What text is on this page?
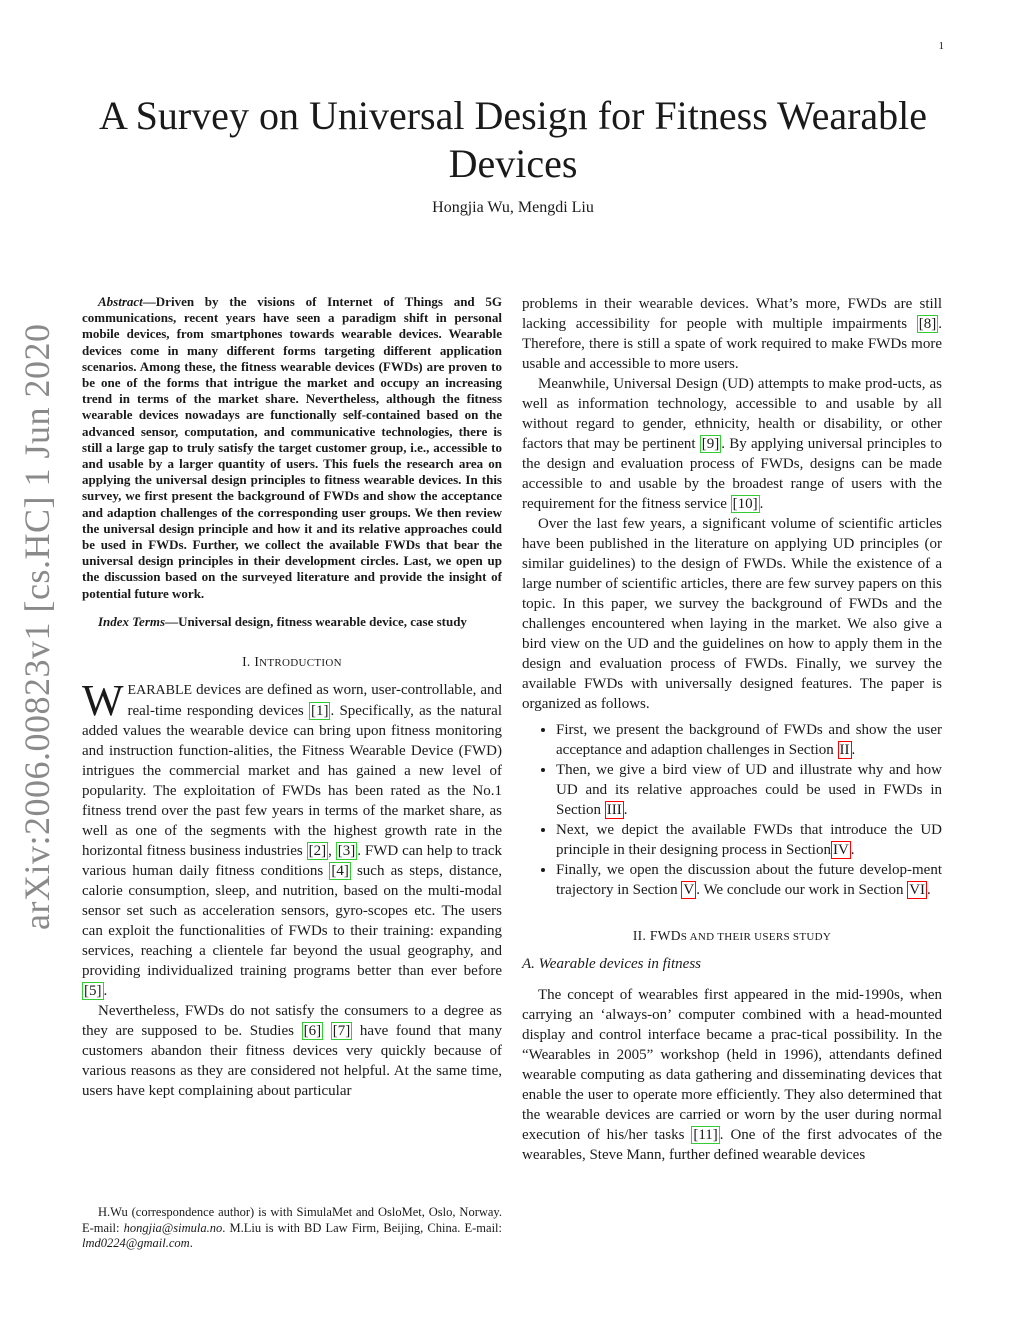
1
arXiv:2006.00823v1 [cs.HC] 1 Jun 2020
A Survey on Universal Design for Fitness Wearable Devices
Hongjia Wu, Mengdi Liu

Abstract—Driven by the visions of Internet of Things and 5G communications, recent years have seen a paradigm shift in personal mobile devices, from smartphones towards wearable devices. Wearable devices come in many different forms targeting different application scenarios. Among these, the fitness wearable devices (FWDs) are proven to be one of the forms that intrigue the market and occupy an increasing trend in terms of the market share. Nevertheless, although the fitness wearable devices nowadays are functionally self-contained based on the advanced sensor, computation, and communicative technologies, there is still a large gap to truly satisfy the target customer group, i.e., accessible to and usable by a larger quantity of users. This fuels the research area on applying the universal design principles to fitness wearable devices. In this survey, we first present the background of FWDs and show the acceptance and adaption challenges of the corresponding user groups. We then review the universal design principle and how it and its relative approaches could be used in FWDs. Further, we collect the available FWDs that bear the universal design principles in their development circles. Last, we open up the discussion based on the surveyed literature and provide the insight of potential future work.

Index Terms—Universal design, fitness wearable device, case study

I. INTRODUCTION

WEARABLE devices are defined as worn, user-controllable, and real-time responding devices [1] . Specifically, as the natural added values the wearable device can bring upon fitness monitoring and instruction function-alities, the Fitness Wearable Device (FWD) intrigues the commercial market and has gained a new level of popularity. The exploitation of FWDs has been rated as the No.1 fitness trend over the past few years in terms of the market share, as well as one of the segments with the highest growth rate in the horizontal fitness business industries [2] , [3] . FWD can help to track various human daily fitness conditions [4] such as steps, distance, calorie consumption, sleep, and nutrition, based on the multi-modal sensor set such as acceleration sensors, gyro-scopes etc. The users can exploit the functionalities of FWDs to their training: expanding services, reaching a clientele far beyond the usual geography, and providing individualized training programs better than ever before [5] .

Nevertheless, FWDs do not satisfy the consumers to a degree as they are supposed to be. Studies [6] [7] have found that many customers abandon their fitness devices very quickly because of various reasons as they are considered not helpful. At the same time, users have kept complaining about particular

H.Wu (correspondence author) is with SimulaMet and OsloMet, Oslo, Norway. E-mail: hongjia@simula.no. M.Liu is with BD Law Firm, Beijing, China. E-mail: lmd0224@gmail.com.

problems in their wearable devices. What’s more, FWDs are still lacking accessibility for people with multiple impairments [8] . Therefore, there is still a spate of work required to make FWDs more usable and accessible to more users.

Meanwhile, Universal Design (UD) attempts to make prod-ucts, as well as information technology, accessible to and usable by all without regard to gender, ethnicity, health or disability, or other factors that may be pertinent [9] . By applying universal principles to the design and evaluation process of FWDs, designs can be made accessible to and usable by the broadest range of users with the requirement for the fitness service [10] .

Over the last few years, a significant volume of scientific articles have been published in the literature on applying UD principles (or similar guidelines) to the design of FWDs. While the existence of a large number of scientific articles, there are few survey papers on this topic. In this paper, we survey the background of FWDs and the challenges encountered when laying in the market. We also give a bird view on the UD and the guidelines on how to apply them in the design and evaluation process of FWDs. Finally, we survey the available FWDs with universally designed features. The paper is organized as follows.

• First, we present the background of FWDs and show the user acceptance and adaption challenges in Section II .
• Then, we give a bird view of UD and illustrate why and how UD and its relative approaches could be used in FWDs in Section III .
• Next, we depict the available FWDs that introduce the UD principle in their designing process in Section IV .
• Finally, we open the discussion about the future develop-ment trajectory in Section V . We conclude our work in Section VI .
II. FWDS AND THEIR USERS STUDY
A. Wearable devices in fitness

The concept of wearables first appeared in the mid-1990s, when carrying an ‘always-on’ computer combined with a head-mounted display and control interface became a prac-tical possibility. In the “Wearables in 2005” workshop (held in 1996), attendants defined wearable computing as data gathering and disseminating devices that enable the user to operate more efficiently. They also determined that the wearable devices are carried or worn by the user during normal execution of his/her tasks [11] . One of the first advocates of the wearables, Steve Mann, further defined wearable devices
